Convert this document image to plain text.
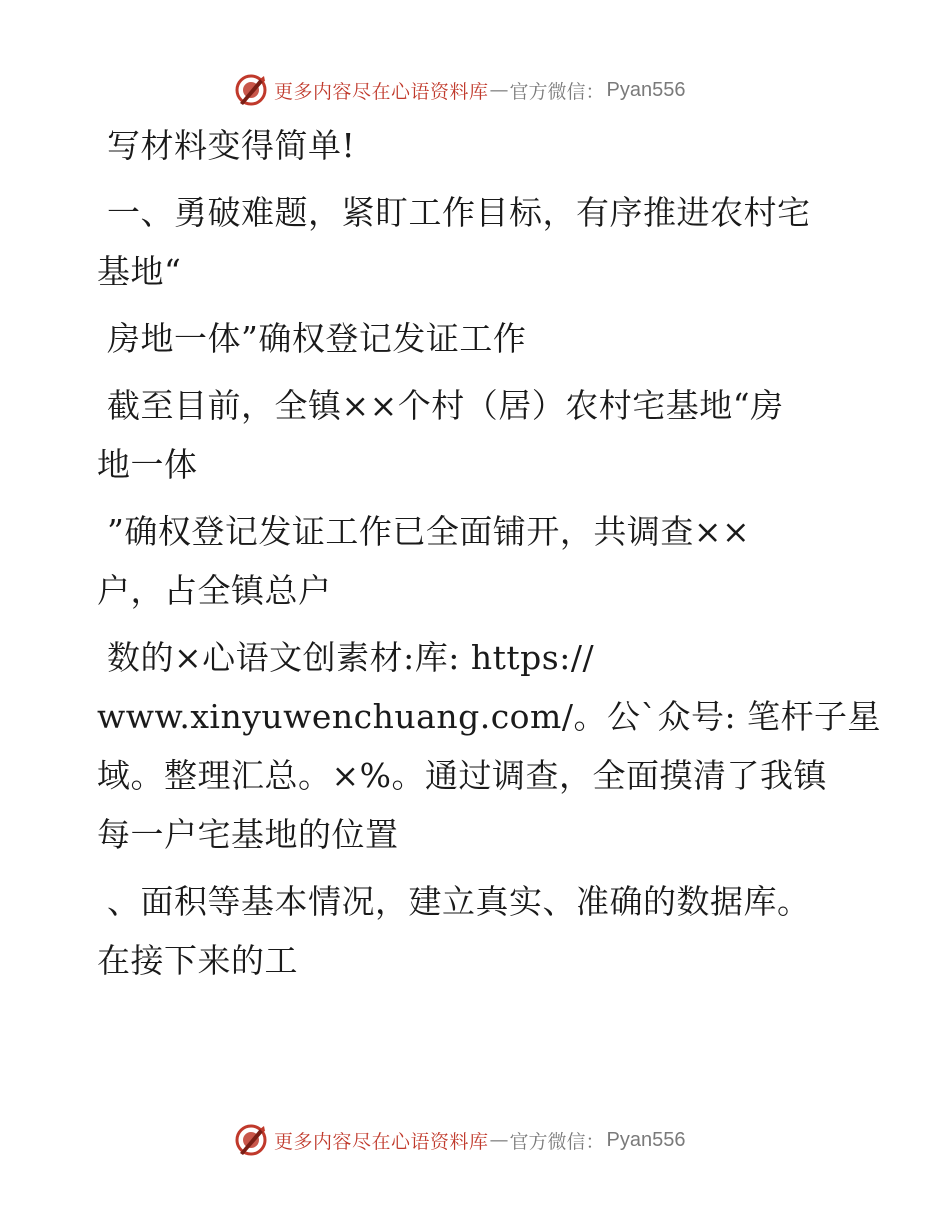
更多内容尽在心语资料库 — 官方微信： Pyan556
写材料变得简单!
一、勇破难题，紧盯工作目标，有序推进农村宅
基地“
房地一体”确权登记发证工作
截至目前，全镇××个村（居）农村宅基地“房
地一体
”确权登记发证工作已全面铺开，共调查××
户，占全镇总户
数的×心语文创素材:库: https://
www.xinyuwenchuang.com/。公`众号: 笔杆子星
域。整理汇总。×%。通过调查，全面摸清了我镇
每一户宅基地的位置
、面积等基本情况，建立真实、准确的数据库。
在接下来的工
更多内容尽在心语资料库 — 官方微信： Pyan556
